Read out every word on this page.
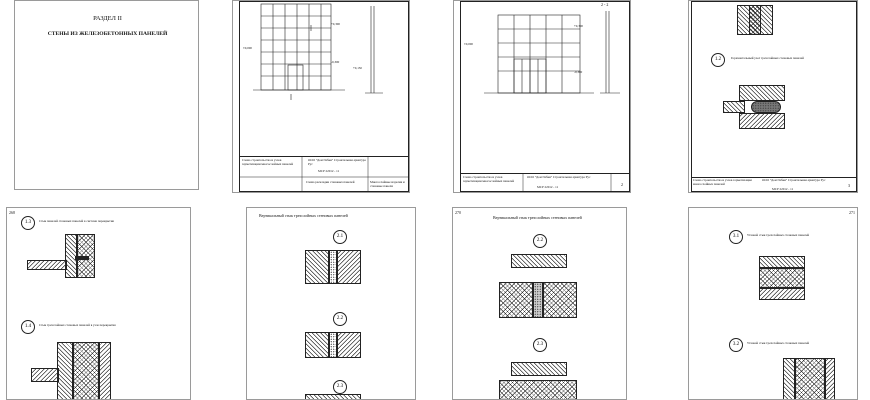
РАЗДЕЛ II
СТЕНЫ ИЗ ЖЕЛЕЗОБЕТОННЫХ ПАНЕЛЕЙ
±0,000
+0,300
-0,300
+0,150
Схема строительства и узлов герметизации многослойных панелей
ООО "Дом Гибки" Строительная арматура Рус
МСР 22012 - 11
Схема раскладки стеновых панелей	Многослойные изделия и стеновые панели
2 - 2
±0,000
+0,300
-0,300
Схема строительства и узлов герметизации многослойных панелей
ООО "Дом Гибки" Строительная арматура Рус
МСР 22012 - 11	2
1.2	Горизонтальный узел трехслойных стеновых панелей
Схема строительства и узлов герметизации многослойных панелей
ООО "Дом Гибки" Строительная арматура Рус
МСР 22012 - 11
3
268
1.3	Стык панелей стеновых панелей в системе перекрытия
1.4	Стык трехслойных стеновых панелей в узле перекрытия
Вертикальный стык трехслойных стеновых панелей
2.1
2.2
2.3
270
Вертикальный стык трехслойных стеновых панелей
2.2
2.3
271
3.1	Угловой стык трехслойных стеновых панелей
3.2	Угловой стык трехслойных стеновых панелей
